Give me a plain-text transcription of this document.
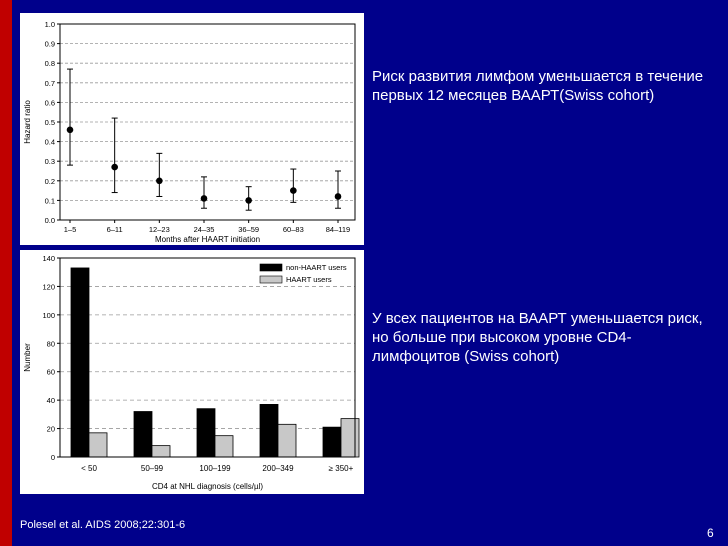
0.0
0.1
0.2
0.3
0.4
0.5
0.6
0.7
0.8
0.9
1.0
1–5	6–11	12–23	24–35	36–59	60–83	84–119
Months after HAART initiation
Hazard ratio
0
20
40
60
80
100
120
140
< 50	50–99	100–199	200–349	≥ 350+
non-HAART users
HAART users
CD4 at NHL diagnosis (cells/µl)
Number
Риск развития лимфом уменьшается в течение первых 12 месяцев ВААРТ(Swiss cohort)
У всех пациентов на ВААРТ уменьшается риск, но больше при высоком уровне CD4-лимфоцитов (Swiss cohort)
Polesel et al. AIDS 2008;22:301-6
6
